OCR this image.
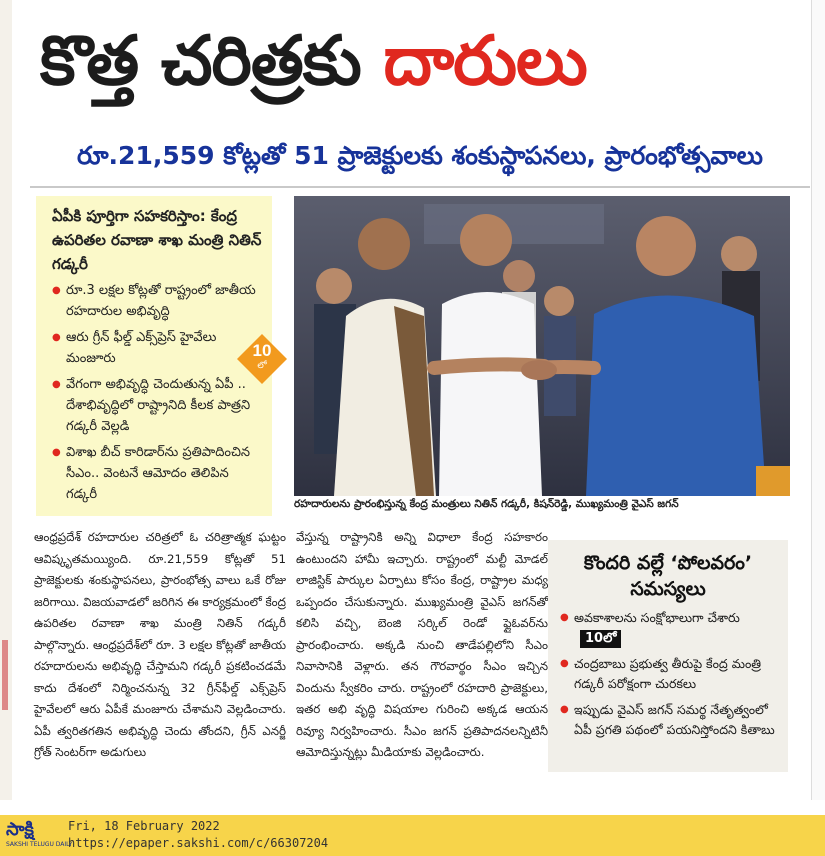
కొత్త చరిత్రకు దారులు
రూ.21,559 కోట్లతో 51 ప్రాజెక్టులకు శంకుస్థాపనలు, ప్రారంభోత్సవాలు
ఏపీకి పూర్తిగా సహకరిస్తాం: కేంద్ర ఉపరితల రవాణా శాఖ మంత్రి నితిన్ గడ్కరీ
● రూ.3 లక్షల కోట్లతో రాష్ట్రంలో జాతీయ రహదారుల అభివృద్ధి
● ఆరు గ్రీన్ ఫీల్డ్ ఎక్స్‌ప్రెస్ హైవేలు మంజూరు
● వేగంగా అభివృద్ధి చెందుతున్న ఏపీ .. దేశాభివృద్ధిలో రాష్ట్రానిది కీలక పాత్రని గడ్కరీ వెల్లడి
● విశాఖ బీచ్ కారిడార్‌ను ప్రతిపాదించిన సీఎం.. వెంటనే ఆమోదం తెలిపిన గడ్కరీ
10
లో
రహదారులను ప్రారంభిస్తున్న కేంద్ర మంత్రులు నితిన్ గడ్కరీ, కిషన్‌రెడ్డి, ముఖ్యమంత్రి వైఎస్ జగన్
ఆంధ్రప్రదేశ్ రహదారుల చరిత్రలో ఓ చరిత్రాత్మక ఘట్టం ఆవిష్కృతమయ్యింది. రూ.21,559 కోట్లతో 51 ప్రాజెక్టులకు శంకుస్థాపనలు, ప్రారంభోత్స వాలు ఒకే రోజు జరిగాయి. విజయవాడలో జరిగిన ఈ కార్యక్రమంలో కేంద్ర ఉపరితల రవాణా శాఖ మంత్రి నితిన్ గడ్కరీ పాల్గొన్నారు. ఆంధ్రప్రదేశ్‌లో రూ. 3 లక్షల కోట్లతో జాతీయ రహదారులను అభివృద్ధి చేస్తామని గడ్కరీ ప్రకటించడమే కాదు దేశంలో నిర్మించనున్న 32 గ్రీన్‌ఫీల్డ్ ఎక్స్‌ప్రెస్ హైవేలలో ఆరు ఏపీకే మంజూరు చేశామని వెల్లడించారు. ఏపీ త్వరితగతిన అభివృద్ధి చెందు తోందని, గ్రీన్ ఎనర్జీ గ్రోత్ సెంటర్‌గా అడుగులు
వేస్తున్న రాష్ట్రానికి అన్ని విధాలా కేంద్ర సహకారం ఉంటుందని హామీ ఇచ్చారు. రాష్ట్రంలో మల్టీ మోడల్ లాజిస్టిక్ పార్కుల ఏర్పాటు కోసం కేంద్ర, రాష్ట్రాల మధ్య ఒప్పందం చేసుకున్నారు. ముఖ్యమంత్రి వైఎస్ జగన్‌తో కలిసి వచ్చి, బెంజి సర్కిల్ రెండో ఫ్లైఓవర్‌ను ప్రారంభించారు. అక్కడి నుంచి తాడేపల్లిలోని సీఎం నివాసానికి వెళ్లారు. తన గౌరవార్థం సీఎం ఇచ్చిన విందును స్వీకరిం చారు. రాష్ట్రంలో రహదారి ప్రాజెక్టులు, ఇతర అభి వృద్ధి విషయాల గురించి అక్కడ ఆయన రివ్యూ నిర్వహించారు. సీఎం జగన్ ప్రతిపాదనలన్నిటినీ ఆమోదిస్తున్నట్లు మీడియాకు వెల్లడించారు.
కొందరి వల్లే ‘పోలవరం’ సమస్యలు
● అవకాశాలను సంక్షోభాలుగా చేశారు10లో
● చంద్రబాబు ప్రభుత్వ తీరుపై కేంద్ర మంత్రి గడ్కరీ పరోక్షంగా చురకలు
● ఇప్పుడు వైఎస్ జగన్ సమర్థ నేతృత్వంలో ఏపీ ప్రగతి పథంలో పయనిస్తోందని కితాబు
సాక్షి
SAKSHI TELUGU DAILY
Fri, 18 February 2022
https://epaper.sakshi.com/c/66307204
